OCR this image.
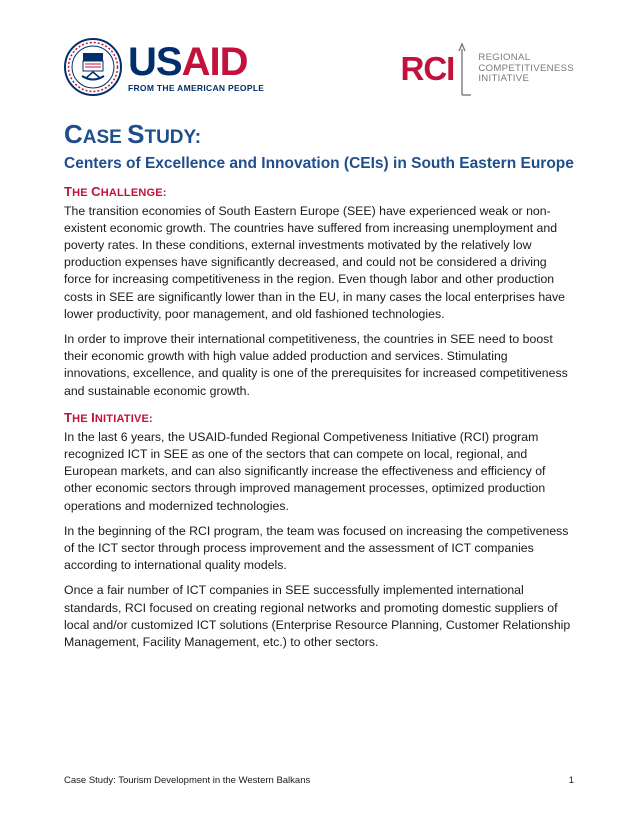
USAID
FROM THE AMERICAN PEOPLE
RCI	REGIONAL
COMPETITIVENESS
INITIATIVE
CASE STUDY:
Centers of Excellence and Innovation (CEIs) in South Eastern Europe
THE CHALLENGE:

The transition economies of South Eastern Europe (SEE) have experienced weak or non-existent economic growth. The countries have suffered from increasing unemployment and poverty rates. In these conditions, external investments motivated by the relatively low production expenses have significantly decreased, and could not be considered a driving force for increasing competitiveness in the region. Even though labor and other production costs in SEE are significantly lower than in the EU, in many cases the local enterprises have lower productivity, poor management, and old fashioned technologies.

In order to improve their international competitiveness, the countries in SEE need to boost their economic growth with high value added production and services. Stimulating innovations, excellence, and quality is one of the prerequisites for increased competitiveness and sustainable economic growth.

THE INITIATIVE:

In the last 6 years, the USAID-funded Regional Competiveness Initiative (RCI) program recognized ICT in SEE as one of the sectors that can compete on local, regional, and European markets, and can also significantly increase the effectiveness and efficiency of other economic sectors through improved management processes, optimized production operations and modernized technologies.

In the beginning of the RCI program, the team was focused on increasing the competiveness of the ICT sector through process improvement and the assessment of ICT companies according to international quality models.

Once a fair number of ICT companies in SEE successfully implemented international standards, RCI focused on creating regional networks and promoting domestic suppliers of local and/or customized ICT solutions (Enterprise Resource Planning, Customer Relationship Management, Facility Management, etc.) to other sectors.

Case Study: Tourism Development in the Western Balkans	1
